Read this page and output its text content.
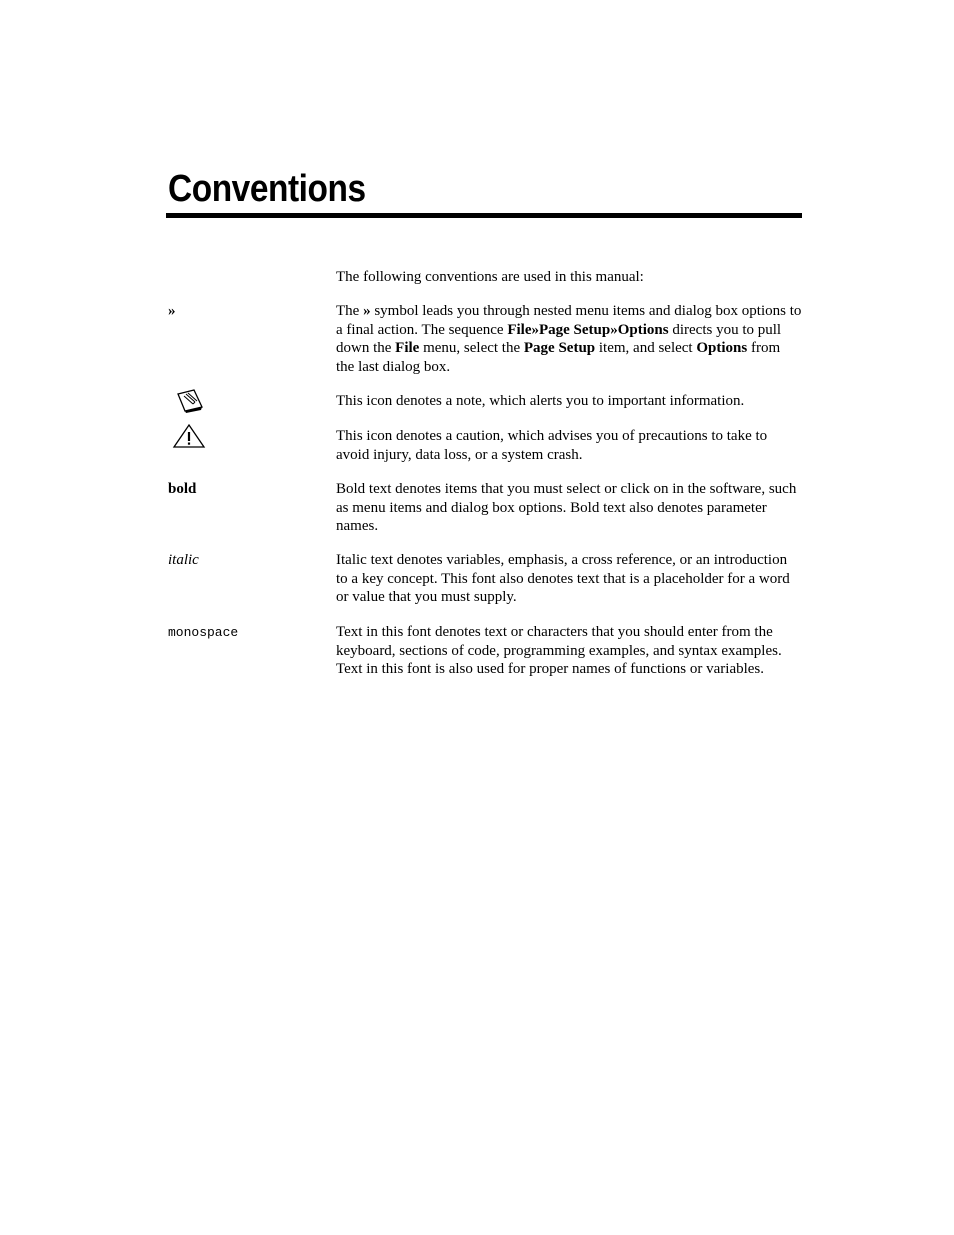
Conventions
The following conventions are used in this manual:
»	The » symbol leads you through nested menu items and dialog box options to a final action. The sequence File»Page Setup»Options directs you to pull down the File menu, select the Page Setup item, and select Options from the last dialog box.
This icon denotes a note, which alerts you to important information.
This icon denotes a caution, which advises you of precautions to take to avoid injury, data loss, or a system crash.
bold	Bold text denotes items that you must select or click on in the software, such as menu items and dialog box options. Bold text also denotes parameter names.
italic	Italic text denotes variables, emphasis, a cross reference, or an introduction to a key concept. This font also denotes text that is a placeholder for a word or value that you must supply.
monospace	Text in this font denotes text or characters that you should enter from the keyboard, sections of code, programming examples, and syntax examples. Text in this font is also used for proper names of functions or variables.
